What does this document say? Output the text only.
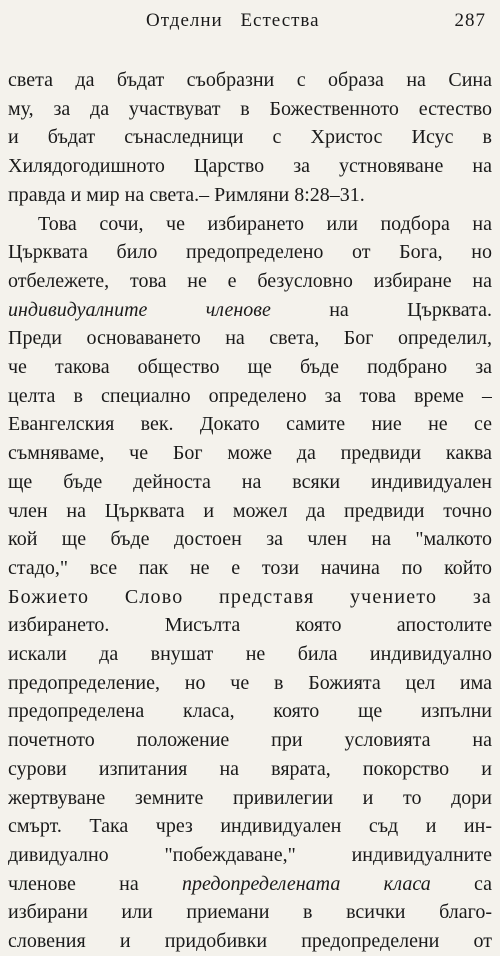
Отделни Естества	287
света да бъдат съобразни с образа на Сина
му, за да участвуват в Божественното естество
и бъдат сънаследници с Христос Исус в
Хилядогодишното Царство за устновяване на
правда и мир на света.– Римляни 8:28–31.
Това сочи, че избирането или подбора на
Църквата било предопределено от Бога, но
отбележете, това не е безусловно избиране на
индивидуалните членове на Църквата.
Преди основаването на света, Бог определил,
че такова общество ще бъде подбрано за
целта в специално определено за това време –
Евангелския век. Докато самите ние не се
съмняваме, че Бог може да предвиди каква
ще бъде дейноста на всяки индивидуален
член на Църквата и можел да предвиди точно
кой ще бъде достоен за член на "малкото
стадо," все пак не е този начина по който
Божието Слово представя учението за
избирането. Мисълта която апостолите
искали да внушат не била индивидуално
предопределение, но че в Божията цел има
предопределена класа, която ще изпълни
почетното положение при условията на
сурови изпитания на вярата, покорство и
жертвуване земните привилегии и то дори
смърт. Така чрез индивидуален съд и ин-
дивидуално "побеждаване," индивидуалните
членове на предопределената класа са
избирани или приемани в всички благо-
словения и придобивки предопределени от
